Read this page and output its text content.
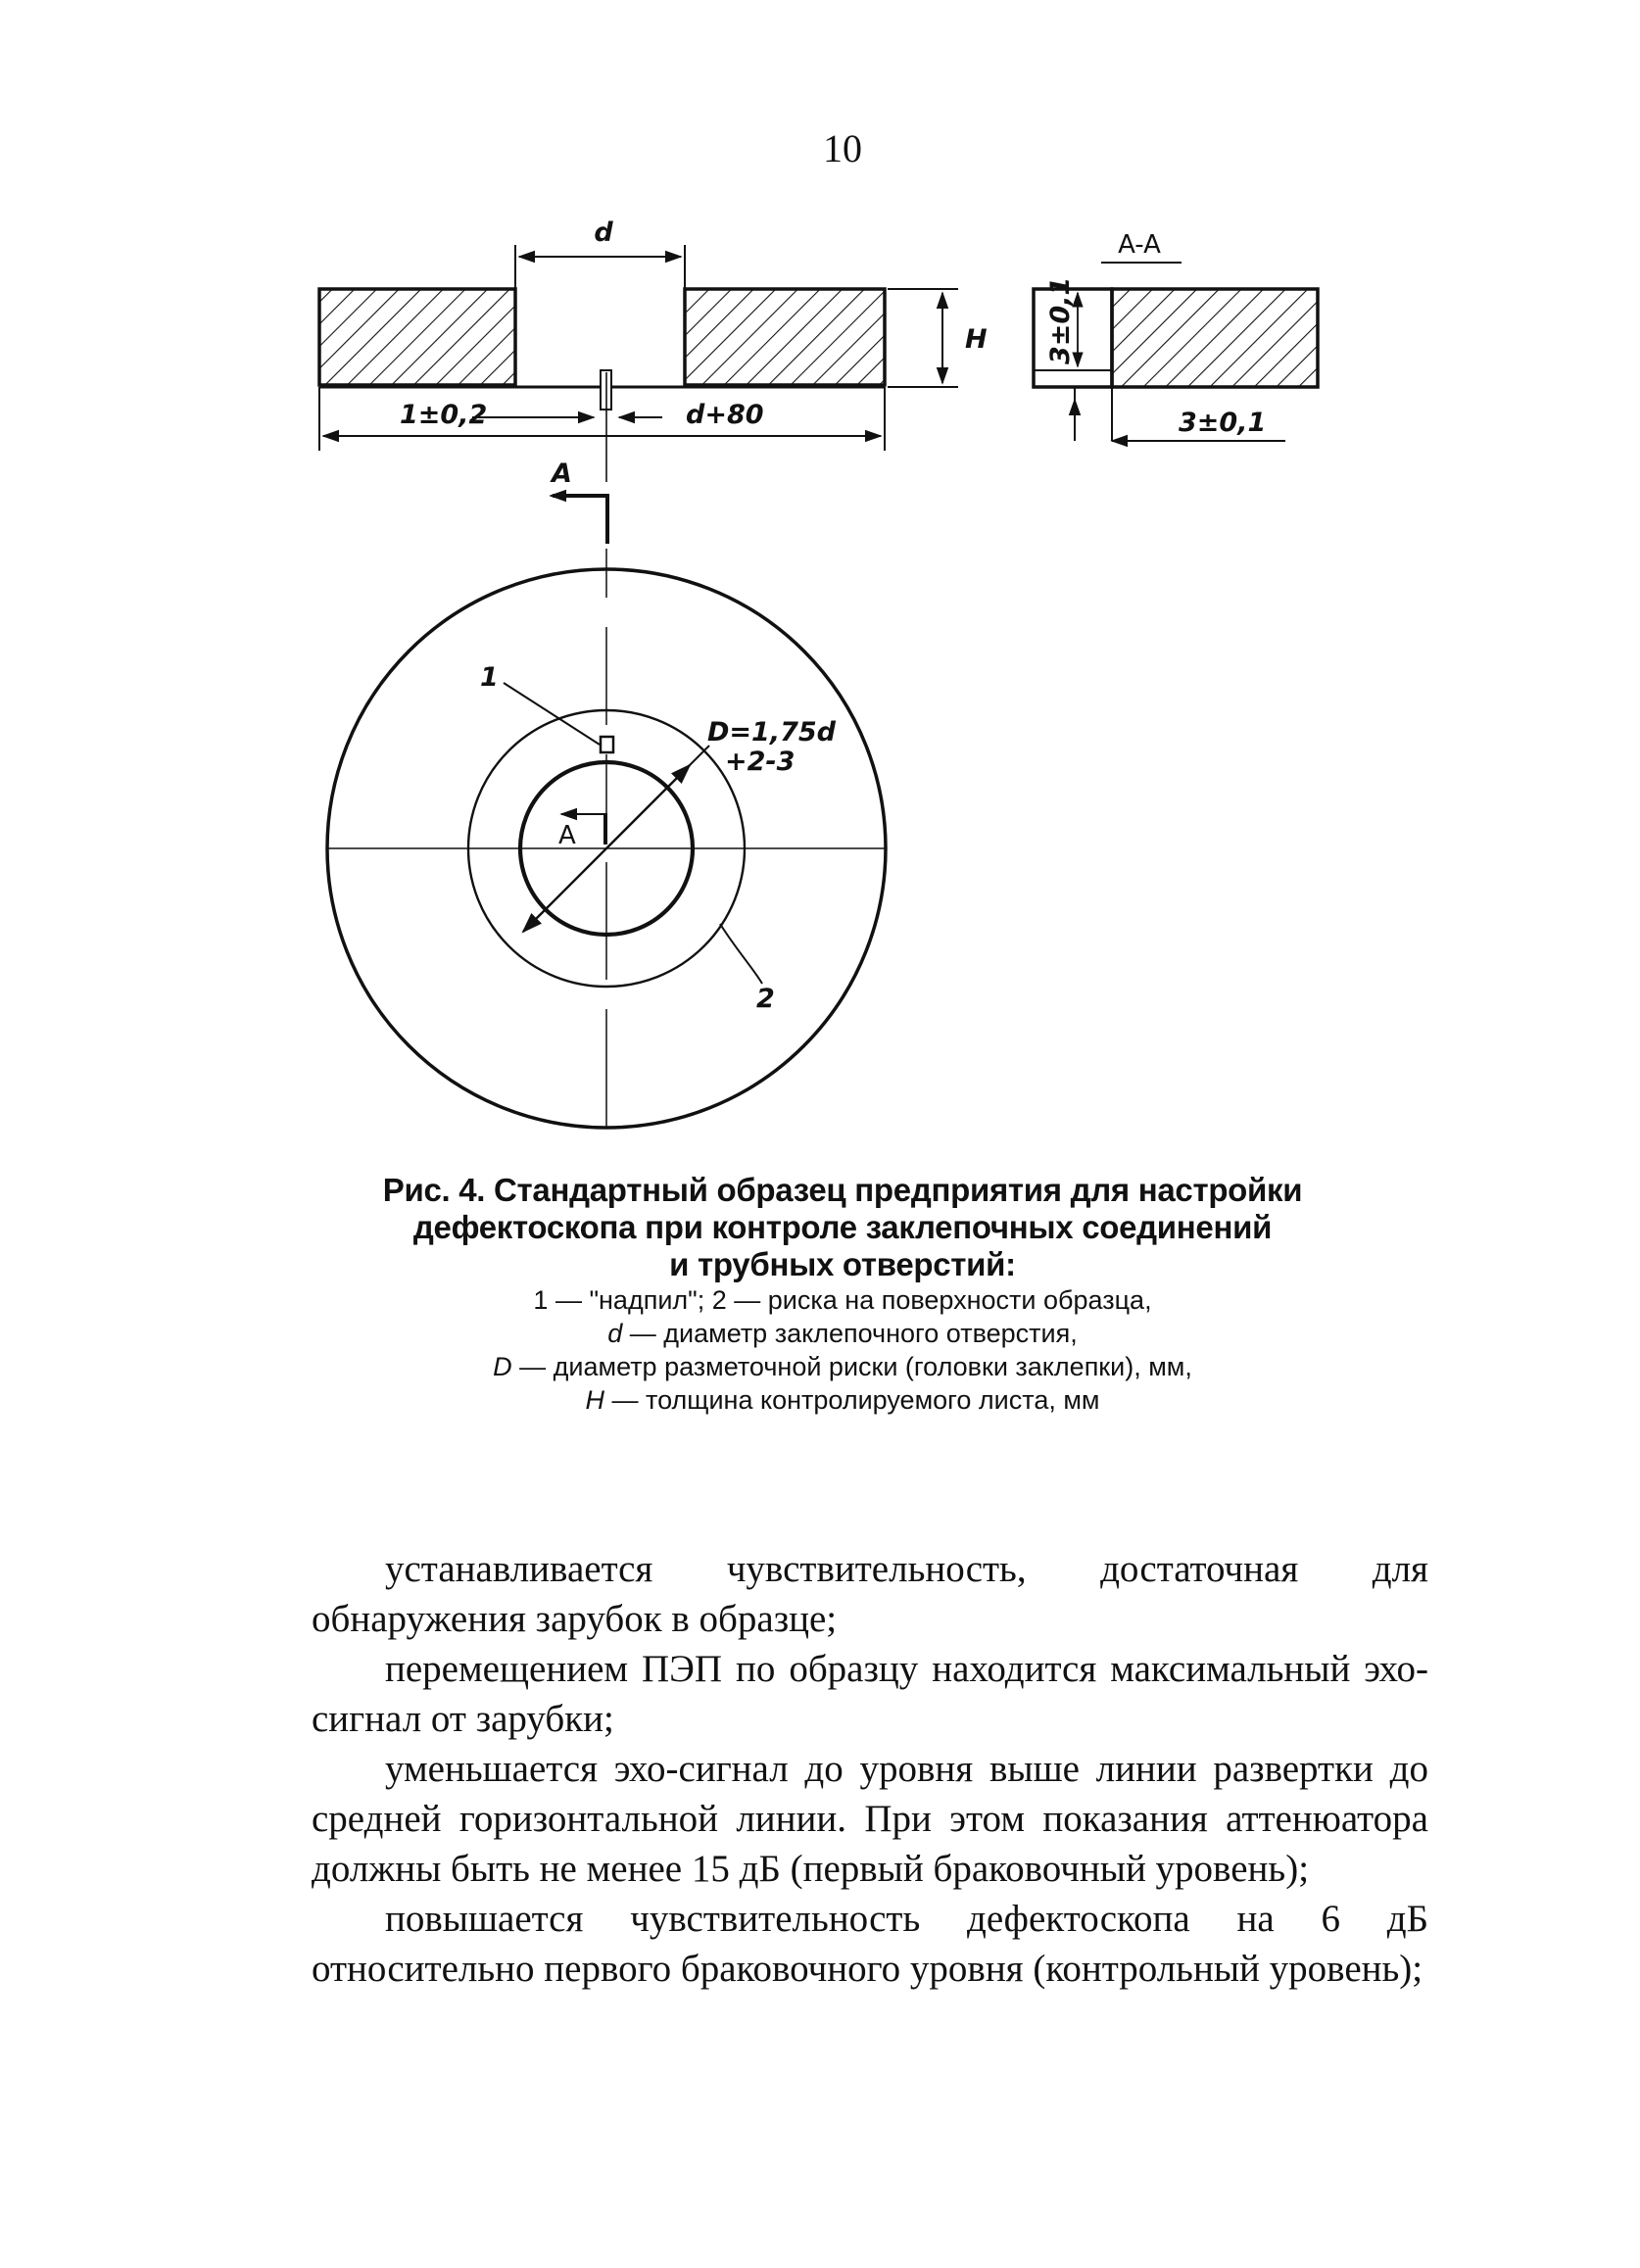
10
d
H
1±0,2	d+80
A
A-A
3±0,1
3±0,1
1
D=1,75d
+2-3
A
2
Рис. 4. Стандартный образец предприятия для настройки
дефектоскопа при контроле заклепочных соединений
и трубных отверстий:
1 — "надпил"; 2 — риска на поверхности образца,
d — диаметр заклепочного отверстия,
D — диаметр разметочной риски (головки заклепки), мм,
H — толщина контролируемого листа, мм

устанавливается чувствительность, достаточная для обнаружения зарубок в образце;

перемещением ПЭП по образцу находится максимальный эхо-сигнал от зарубки;

уменьшается эхо-сигнал до уровня выше линии развертки до средней горизонтальной линии. При этом показания аттенюатора должны быть не менее 15 дБ (первый браковочный уровень);

повышается чувствительность дефектоскопа на 6 дБ относительно первого браковочного уровня (контрольный уровень);
